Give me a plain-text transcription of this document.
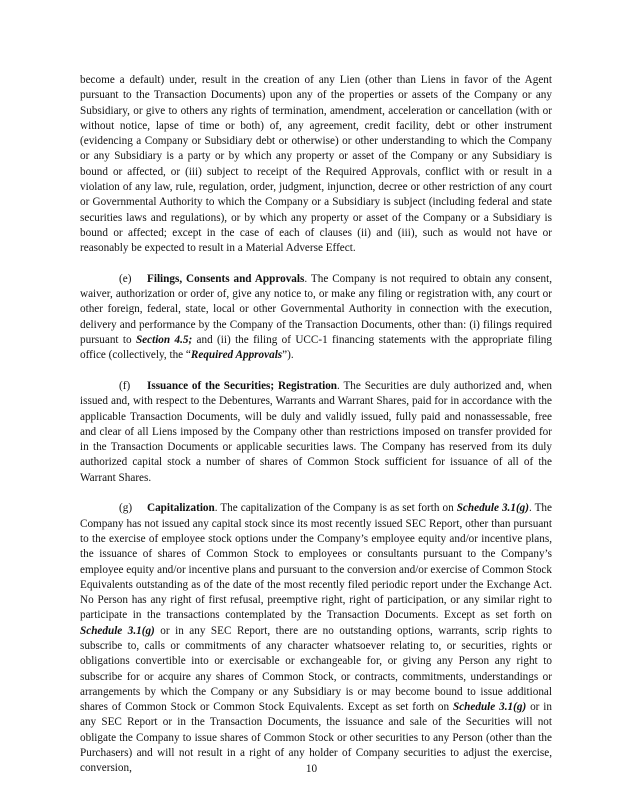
become a default) under, result in the creation of any Lien (other than Liens in favor of the Agent pursuant to the Transaction Documents) upon any of the properties or assets of the Company or any Subsidiary, or give to others any rights of termination, amendment, acceleration or cancellation (with or without notice, lapse of time or both) of, any agreement, credit facility, debt or other instrument (evidencing a Company or Subsidiary debt or otherwise) or other understanding to which the Company or any Subsidiary is a party or by which any property or asset of the Company or any Subsidiary is bound or affected, or (iii) subject to receipt of the Required Approvals, conflict with or result in a violation of any law, rule, regulation, order, judgment, injunction, decree or other restriction of any court or Governmental Authority to which the Company or a Subsidiary is subject (including federal and state securities laws and regulations), or by which any property or asset of the Company or a Subsidiary is bound or affected; except in the case of each of clauses (ii) and (iii), such as would not have or reasonably be expected to result in a Material Adverse Effect.

(e) Filings, Consents and Approvals. The Company is not required to obtain any consent, waiver, authorization or order of, give any notice to, or make any filing or registration with, any court or other foreign, federal, state, local or other Governmental Authority in connection with the execution, delivery and performance by the Company of the Transaction Documents, other than: (i) filings required pursuant to Section 4.5; and (ii) the filing of UCC-1 financing statements with the appropriate filing office (collectively, the “Required Approvals”).

(f) Issuance of the Securities; Registration. The Securities are duly authorized and, when issued and, with respect to the Debentures, Warrants and Warrant Shares, paid for in accordance with the applicable Transaction Documents, will be duly and validly issued, fully paid and nonassessable, free and clear of all Liens imposed by the Company other than restrictions imposed on transfer provided for in the Transaction Documents or applicable securities laws. The Company has reserved from its duly authorized capital stock a number of shares of Common Stock sufficient for issuance of all of the Warrant Shares.

(g) Capitalization. The capitalization of the Company is as set forth on Schedule 3.1(g). The Company has not issued any capital stock since its most recently issued SEC Report, other than pursuant to the exercise of employee stock options under the Company’s employee equity and/or incentive plans, the issuance of shares of Common Stock to employees or consultants pursuant to the Company’s employee equity and/or incentive plans and pursuant to the conversion and/or exercise of Common Stock Equivalents outstanding as of the date of the most recently filed periodic report under the Exchange Act. No Person has any right of first refusal, preemptive right, right of participation, or any similar right to participate in the transactions contemplated by the Transaction Documents. Except as set forth on Schedule 3.1(g) or in any SEC Report, there are no outstanding options, warrants, scrip rights to subscribe to, calls or commitments of any character whatsoever relating to, or securities, rights or obligations convertible into or exercisable or exchangeable for, or giving any Person any right to subscribe for or acquire any shares of Common Stock, or contracts, commitments, understandings or arrangements by which the Company or any Subsidiary is or may become bound to issue additional shares of Common Stock or Common Stock Equivalents. Except as set forth on Schedule 3.1(g) or in any SEC Report or in the Transaction Documents, the issuance and sale of the Securities will not obligate the Company to issue shares of Common Stock or other securities to any Person (other than the Purchasers) and will not result in a right of any holder of Company securities to adjust the exercise, conversion,	10
